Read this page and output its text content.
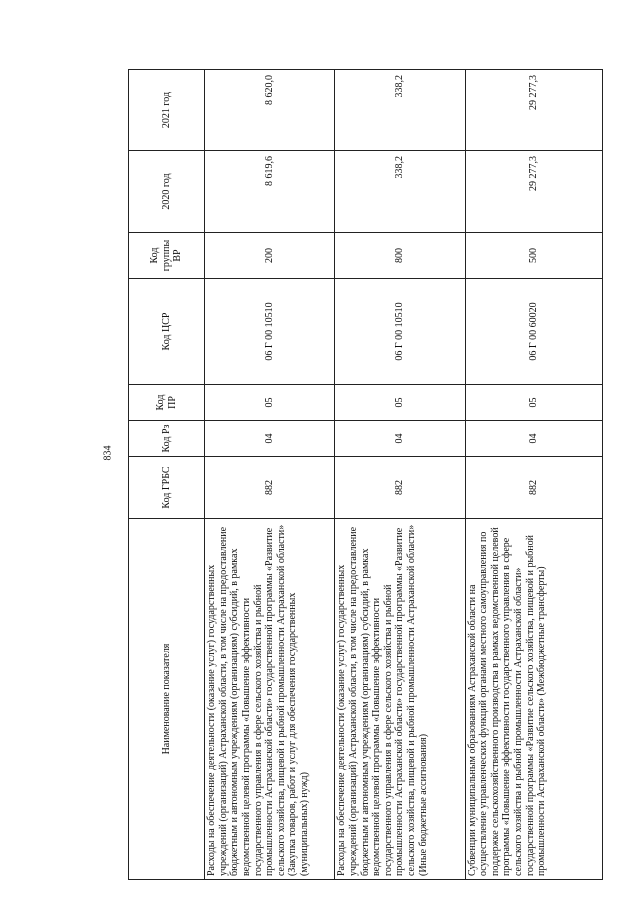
834
Наименование показателя	Код ГРБС	Код Рз	Код ПР	Код ЦСР	Код группы ВР	2020 год	2021 год
Расходы на обеспечение деятельности (оказание услуг) государственных учреждений (организаций) Астраханской области, в том числе на предоставление бюджетным и автономным учреждениям (организациям) субсидий, в рамках ведомственной целевой программы «Повышение эффективности государственного управления в сфере сельского хозяйства и рыбной промышленности Астраханской области» государственной программы «Развитие сельского хозяйства, пищевой и рыбной промышленности Астраханской области» (Закупка товаров, работ и услуг для обеспечения государственных (муниципальных) нужд)	882	04	05	06 Г 00 10510	200	8 619,6	8 620,0
Расходы на обеспечение деятельности (оказание услуг) государственных учреждений (организаций) Астраханской области, в том числе на предоставление бюджетным и автономным учреждениям (организациям) субсидий, в рамках ведомственной целевой программы «Повышение эффективности государственного управления в сфере сельского хозяйства и рыбной промышленности Астраханской области» государственной программы «Развитие сельского хозяйства, пищевой и рыбной промышленности Астраханской области» (Иные бюджетные ассигнования)	882	04	05	06 Г 00 10510	800	338,2	338,2
Субвенции муниципальным образованиям Астраханской области на осуществление управленческих функций органами местного самоуправления по поддержке сельскохозяйственного производства в рамках ведомственной целевой программы «Повышение эффективности государственного управления в сфере сельского хозяйства и рыбной промышленности Астраханской области» государственной программы «Развитие сельского хозяйства, пищевой и рыбной промышленности Астраханской области» (Межбюджетные трансферты)	882	04	05	06 Г 00 60020	500	29 277,3	29 277,3
